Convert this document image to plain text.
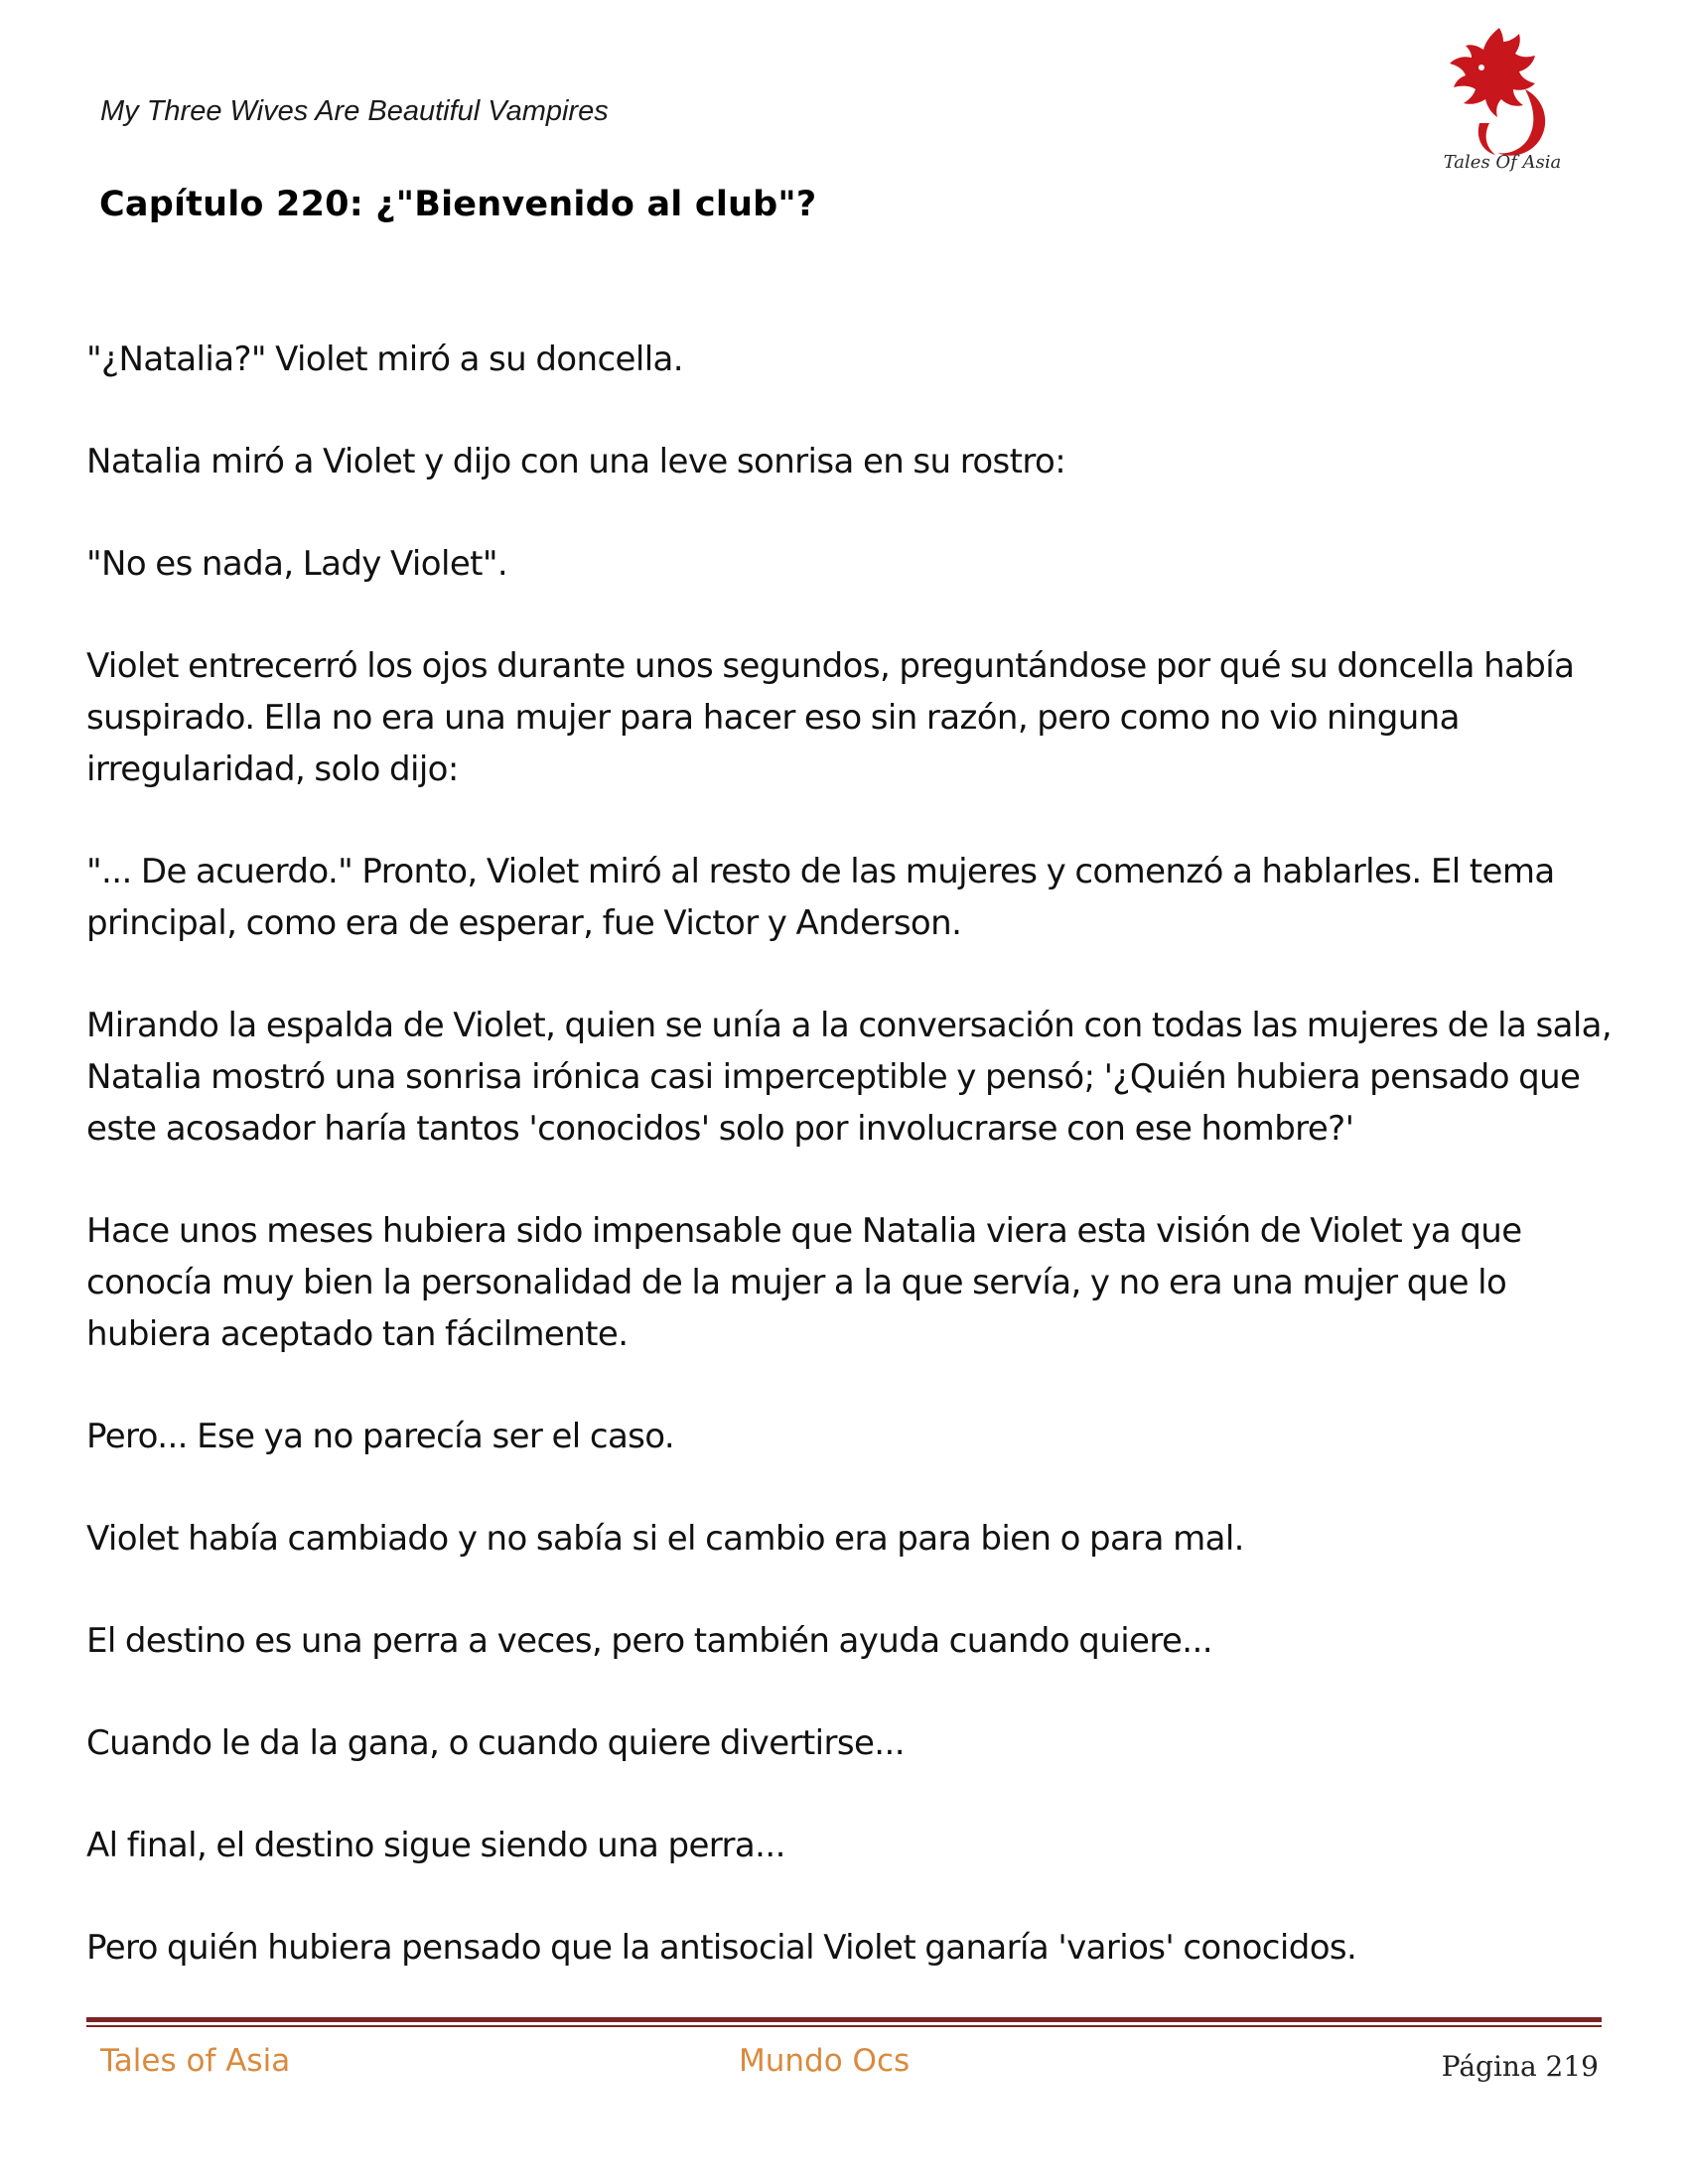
My Three Wives Are Beautiful Vampires
Capítulo 220: ¿"Bienvenido al club"?
Tales Of Asia

"¿Natalia?" Violet miró a su doncella.

Natalia miró a Violet y dijo con una leve sonrisa en su rostro:

"No es nada, Lady Violet".

Violet entrecerró los ojos durante unos segundos, preguntándose por qué su doncella había suspirado. Ella no era una mujer para hacer eso sin razón, pero como no vio ninguna irregularidad, solo dijo:

"... De acuerdo." Pronto, Violet miró al resto de las mujeres y comenzó a hablarles. El tema principal, como era de esperar, fue Victor y Anderson.

Mirando la espalda de Violet, quien se unía a la conversación con todas las mujeres de la sala, Natalia mostró una sonrisa irónica casi imperceptible y pensó; '¿Quién hubiera pensado que este acosador haría tantos 'conocidos' solo por involucrarse con ese hombre?'

Hace unos meses hubiera sido impensable que Natalia viera esta visión de Violet ya que conocía muy bien la personalidad de la mujer a la que servía, y no era una mujer que lo hubiera aceptado tan fácilmente.

Pero... Ese ya no parecía ser el caso.

Violet había cambiado y no sabía si el cambio era para bien o para mal.

El destino es una perra a veces, pero también ayuda cuando quiere...

Cuando le da la gana, o cuando quiere divertirse...

Al final, el destino sigue siendo una perra...

Pero quién hubiera pensado que la antisocial Violet ganaría 'varios' conocidos.

Tales of Asia	Mundo Ocs	Página 219
